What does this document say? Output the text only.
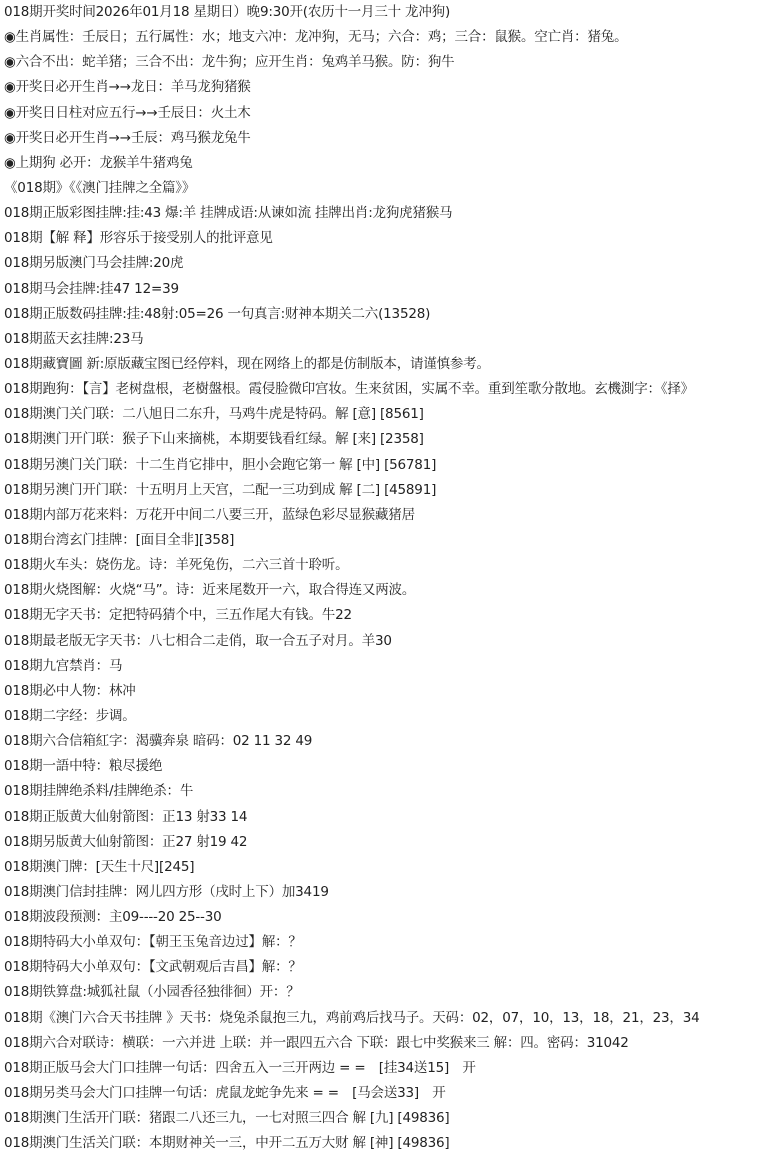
018期开奖时间2026年01月18 星期日）晚9:30开(农历十一月三十 龙冲狗)
◉生肖属性：壬辰日；五行属性：水；地支六冲：龙冲狗，无马；六合：鸡；三合：鼠猴。空亡肖：猪兔。
◉六合不出：蛇羊猪；三合不出：龙牛狗；应开生肖：兔鸡羊马猴。防：狗牛
◉开奖日必开生肖→→龙日：羊马龙狗猪猴
◉开奖日日柱对应五行→→壬辰日：火土木
◉开奖日必开生肖→→壬辰：鸡马猴龙兔牛
◉上期狗 必开：龙猴羊牛猪鸡兔
《018期》《《澳门挂牌之全篇》》
018期正版彩图挂牌:挂:43 爆:羊 挂牌成语:从谏如流 挂牌出肖:龙狗虎猪猴马
018期【解 释】形容乐于接受别人的批评意见
018期另版澳门马会挂牌:20虎
018期马会挂牌:挂47 12=39
018期正版数码挂牌:挂:48射:05=26 一句真言:财神本期关二六(13528)
018期蓝天玄挂牌:23马
018期藏寶圖 新:原版藏宝图已经停料，现在网络上的都是仿制版本，请谨慎参考。
018期跑狗：【言】老树盘根，老樹盤根。霞侵脸微印宫妆。生来贫困，实属不幸。重到笙歌分散地。玄機測字：《择》
018期澳门关门联：二八旭日二东升，马鸡牛虎是特码。解 [意] [8561]
018期澳门开门联：猴子下山来摘桃，本期要钱看红绿。解 [来] [2358]
018期另澳门关门联：十二生肖它排中，胆小会跑它第一 解 [中] [56781]
018期另澳门开门联：十五明月上天宫，二配一三功到成 解 [二] [45891]
018期内部万花来料：万花开中间二八要三开，蓝绿色彩尽显猴藏猪居
018期台湾玄门挂牌：[面目全非][358]
018期火车头：娆伤龙。诗：羊死兔伤，二六三首十聆听。
018期火烧图解：火烧“马”。诗：近来尾数开一六，取合得连又两波。
018期无字天书：定把特码猜个中，三五作尾大有钱。牛22
018期最老版无字天书：八七相合二走俏，取一合五子对月。羊30
018期九宫禁肖：马
018期必中人物：林冲
018期二字经：步调。
018期六合信箱紅字：渴骥奔泉 暗码：02 11 32 49
018期一語中特：粮尽援绝
018期挂牌绝杀料/挂牌绝杀：牛
018期正版黄大仙射箭图：正13 射33 14
018期另版黄大仙射箭图：正27 射19 42
018期澳门牌：[天生十尺][245]
018期澳门信封挂牌：网儿四方形（戌时上下）加3419
018期波段预测：主09----20 25--30
018期特码大小单双句：【朝王玉兔音边过】解：？
018期特码大小单双句：【文武朝观后吉昌】解：？
018期铁算盘:城狐社鼠（小园香径独徘徊）开：？
018期《澳门六合天书挂牌 》天书：烧兔杀鼠抱三九，鸡前鸡后找马子。天码：02，07，10，13，18，21，23，34
018期六合对联诗：横联：一六并进 上联：并一跟四五六合 下联：跟七中奖猴来三 解：四。密码：31042
018期正版马会大门口挂牌一句话：四舍五入一三开两边 = =　[挂34送15]　开
018期另类马会大门口挂牌一句话：虎鼠龙蛇争先来 = =　[马会送33]　开
018期澳门生活开门联：猪跟二八还三九，一七对照三四合 解 [九] [49836]
018期澳门生活关门联：本期财神关一三，中开二五万大财 解 [神] [49836]
